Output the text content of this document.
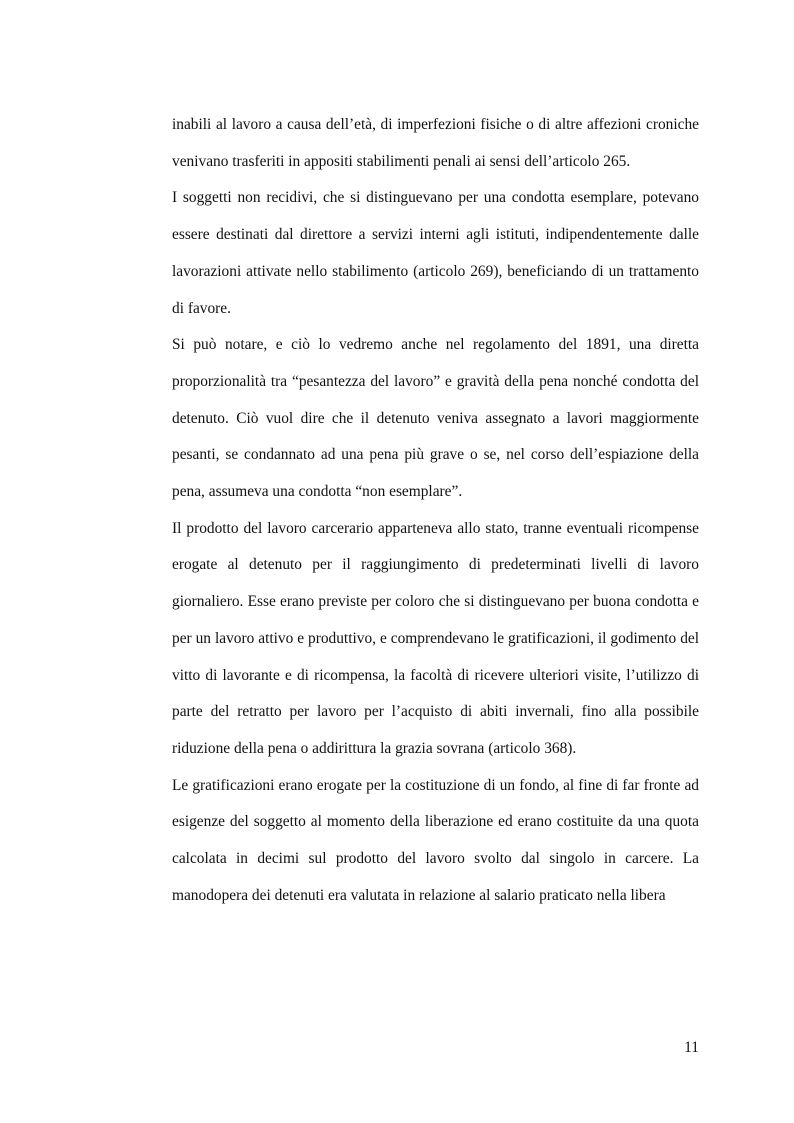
inabili al lavoro a causa dell’età, di imperfezioni fisiche o di altre affezioni croniche venivano trasferiti in appositi stabilimenti penali ai sensi dell’articolo 265.

I soggetti non recidivi, che si distinguevano per una condotta esemplare, potevano essere destinati dal direttore a servizi interni agli istituti, indipendentemente dalle lavorazioni attivate nello stabilimento (articolo 269), beneficiando di un trattamento di favore.

Si può notare, e ciò lo vedremo anche nel regolamento del 1891, una diretta proporzionalità tra “pesantezza del lavoro” e gravità della pena nonché condotta del detenuto. Ciò vuol dire che il detenuto veniva assegnato a lavori maggiormente pesanti, se condannato ad una pena più grave o se, nel corso dell’espiazione della pena, assumeva una condotta “non esemplare”.

Il prodotto del lavoro carcerario apparteneva allo stato, tranne eventuali ricompense erogate al detenuto per il raggiungimento di predeterminati livelli di lavoro giornaliero. Esse erano previste per coloro che si distinguevano per buona condotta e per un lavoro attivo e produttivo, e comprendevano le gratificazioni, il godimento del vitto di lavorante e di ricompensa, la facoltà di ricevere ulteriori visite, l’utilizzo di parte del retratto per lavoro per l’acquisto di abiti invernali, fino alla possibile riduzione della pena o addirittura la grazia sovrana (articolo 368).

Le gratificazioni erano erogate per la costituzione di un fondo, al fine di far fronte ad esigenze del soggetto al momento della liberazione ed erano costituite da una quota calcolata in decimi sul prodotto del lavoro svolto dal singolo in carcere. La manodopera dei detenuti era valutata in relazione al salario praticato nella libera

11
